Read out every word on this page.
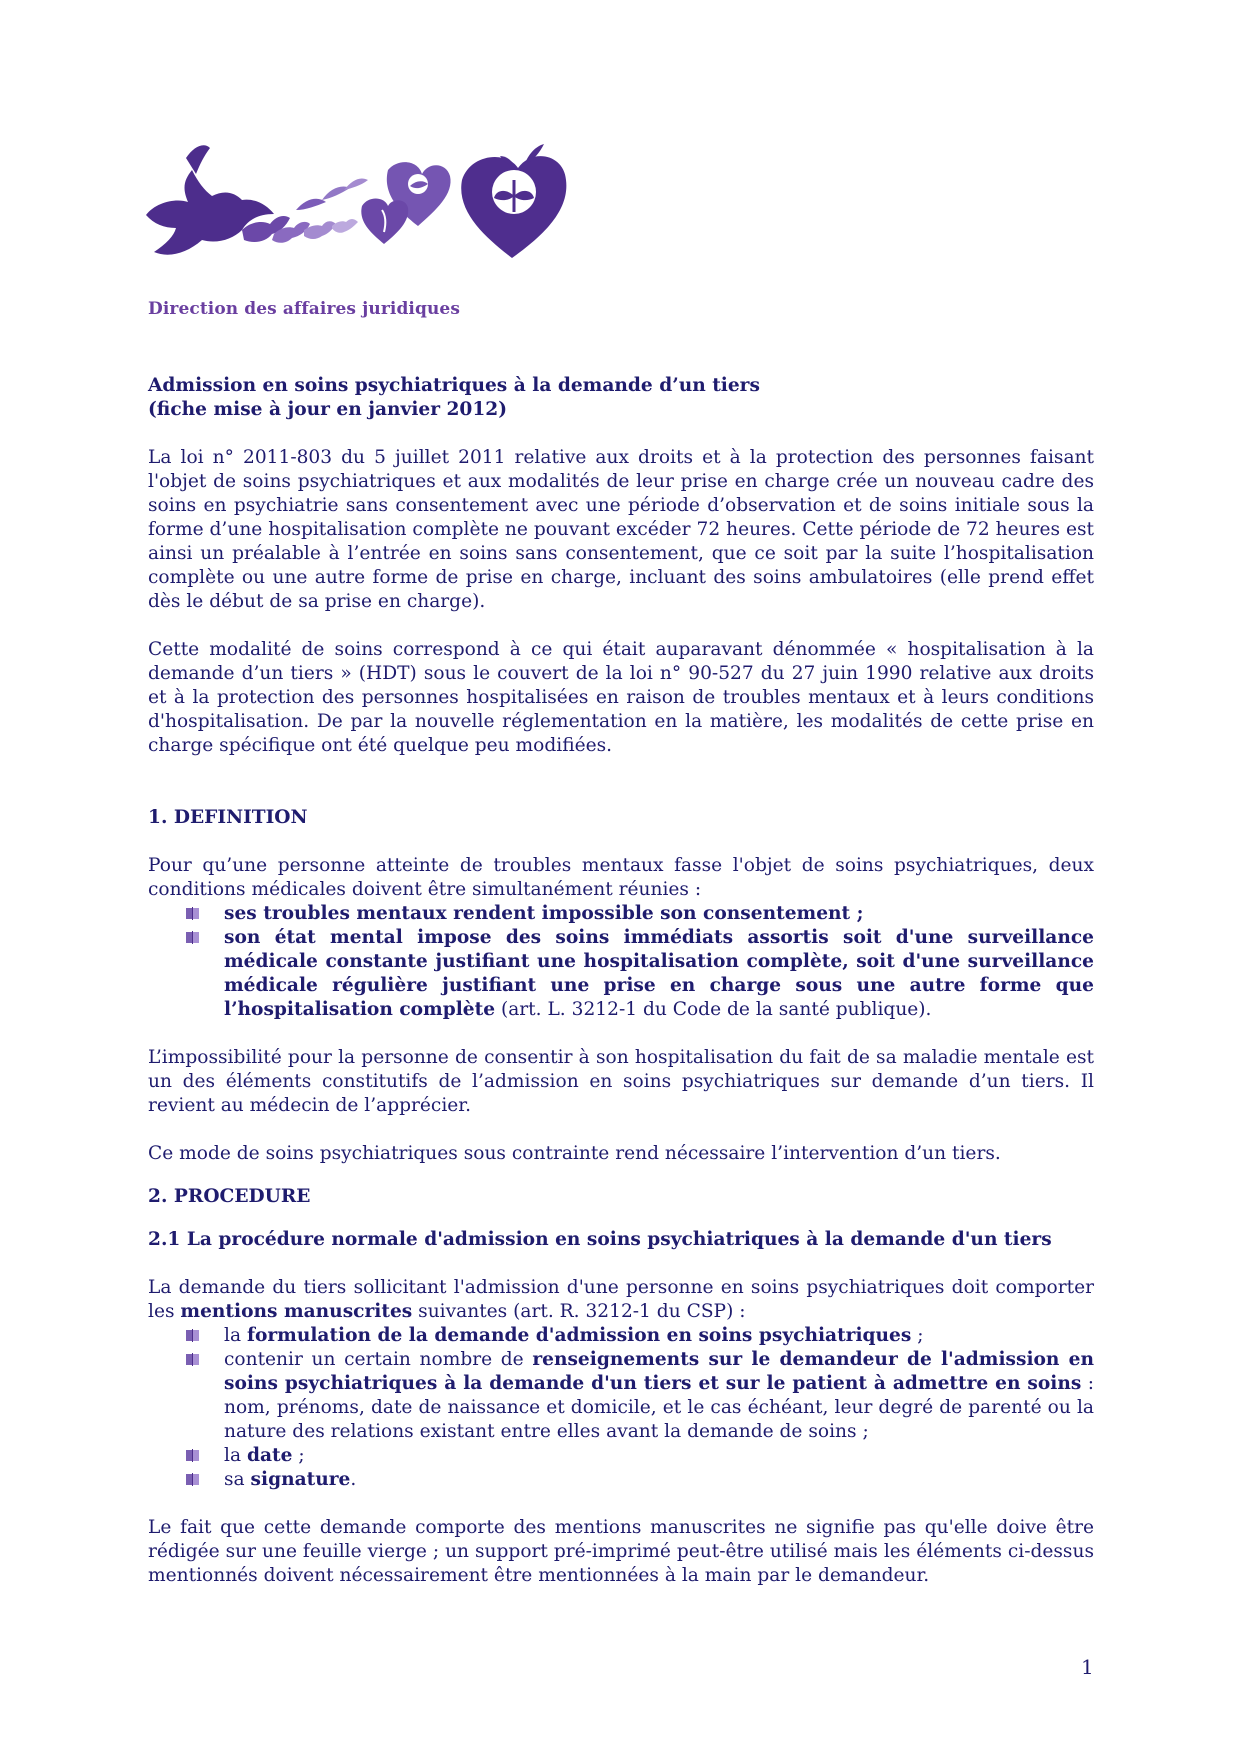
Direction des affaires juridiques

Admission en soins psychiatriques à la demande d’un tiers
(fiche mise à jour en janvier 2012)

La loi n° 2011-803 du 5 juillet 2011 relative aux droits et à la protection des personnes faisant l'objet de soins psychiatriques et aux modalités de leur prise en charge crée un nouveau cadre des soins en psychiatrie sans consentement avec une période d’observation et de soins initiale sous la forme d’une hospitalisation complète ne pouvant excéder 72 heures. Cette période de 72 heures est ainsi un préalable à l’entrée en soins sans consentement, que ce soit par la suite l’hospitalisation complète ou une autre forme de prise en charge, incluant des soins ambulatoires (elle prend effet dès le début de sa prise en charge).

Cette modalité de soins correspond à ce qui était auparavant dénommée « hospitalisation à la demande d’un tiers » (HDT) sous le couvert de la loi n° 90-527 du 27 juin 1990 relative aux droits et à la protection des personnes hospitalisées en raison de troubles mentaux et à leurs conditions d'hospitalisation. De par la nouvelle réglementation en la matière, les modalités de cette prise en charge spécifique ont été quelque peu modifiées.

1. DEFINITION

Pour qu’une personne atteinte de troubles mentaux fasse l'objet de soins psychiatriques, deux conditions médicales doivent être simultanément réunies :

ses troubles mentaux rendent impossible son consentement ;
son état mental impose des soins immédiats assortis soit d'une surveillance médicale constante justifiant une hospitalisation complète, soit d'une surveillance médicale régulière justifiant une prise en charge sous une autre forme que l’hospitalisation complète (art. L. 3212-1 du Code de la santé publique).

L’impossibilité pour la personne de consentir à son hospitalisation du fait de sa maladie mentale est un des éléments constitutifs de l’admission en soins psychiatriques sur demande d’un tiers. Il revient au médecin de l’apprécier.

Ce mode de soins psychiatriques sous contrainte rend nécessaire l’intervention d’un tiers.

2. PROCEDURE

2.1 La procédure normale d'admission en soins psychiatriques à la demande d'un tiers

La demande du tiers sollicitant l'admission d'une personne en soins psychiatriques doit comporter les mentions manuscrites suivantes (art. R. 3212-1 du CSP) :

la formulation de la demande d'admission en soins psychiatriques ;
contenir un certain nombre de renseignements sur le demandeur de l'admission en soins psychiatriques à la demande d'un tiers et sur le patient à admettre en soins : nom, prénoms, date de naissance et domicile, et le cas échéant, leur degré de parenté ou la nature des relations existant entre elles avant la demande de soins ;
la date ;
sa signature.

Le fait que cette demande comporte des mentions manuscrites ne signifie pas qu'elle doive être rédigée sur une feuille vierge ; un support pré-imprimé peut-être utilisé mais les éléments ci-dessus mentionnés doivent nécessairement être mentionnées à la main par le demandeur.

1
